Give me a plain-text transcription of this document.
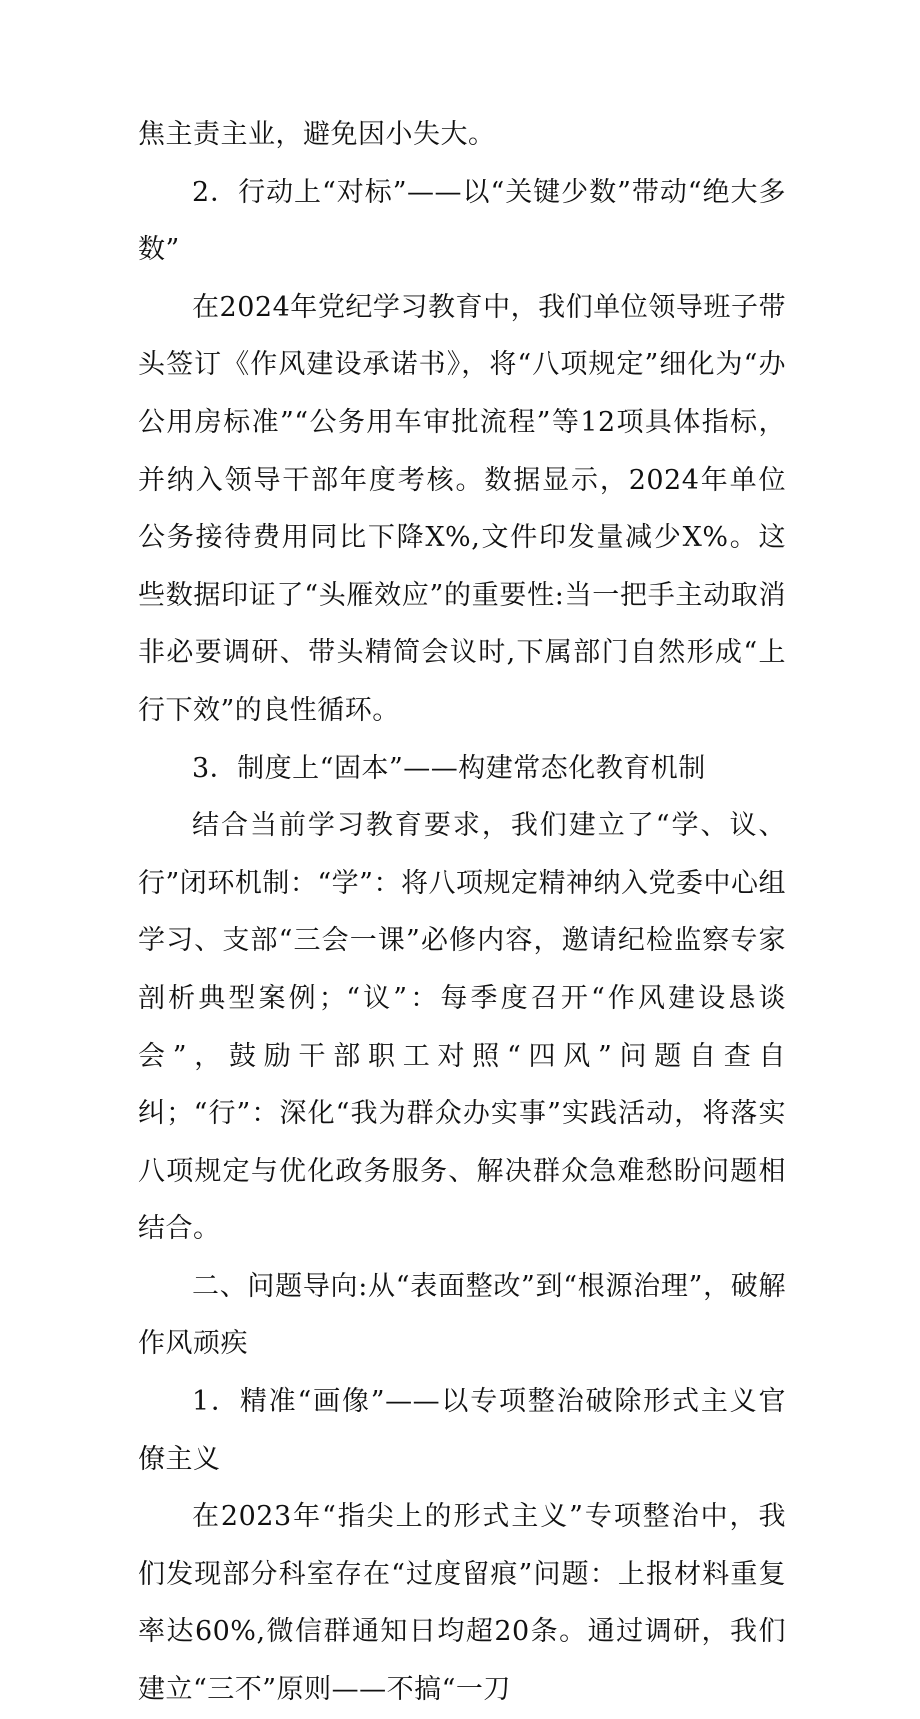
焦主责主业，避免因小失大。

2．行动上“对标”——以“关键少数”带动“绝大多数”

在2024年党纪学习教育中，我们单位领导班子带头签订《作风建设承诺书》，将“八项规定”细化为“办公用房标准”“公务用车审批流程”等12项具体指标，并纳入领导干部年度考核。数据显示，2024年单位公务接待费用同比下降X%,文件印发量减少X%。这些数据印证了“头雁效应”的重要性:当一把手主动取消非必要调研、带头精简会议时,下属部门自然形成“上行下效”的良性循环。

3．制度上“固本”——构建常态化教育机制

结合当前学习教育要求，我们建立了“学、议、行”闭环机制：“学”：将八项规定精神纳入党委中心组学习、支部“三会一课”必修内容，邀请纪检监察专家剖析典型案例；“议”：每季度召开“作风建设恳谈会”，鼓励干部职工对照“四风”问题自查自纠；“行”：深化“我为群众办实事”实践活动，将落实八项规定与优化政务服务、解决群众急难愁盼问题相结合。

二、问题导向:从“表面整改”到“根源治理”，破解作风顽疾

1．精准“画像”——以专项整治破除形式主义官僚主义

在2023年“指尖上的形式主义”专项整治中，我们发现部分科室存在“过度留痕”问题：上报材料重复率达60%,微信群通知日均超20条。通过调研，我们建立“三不”原则——不搞“一刀
